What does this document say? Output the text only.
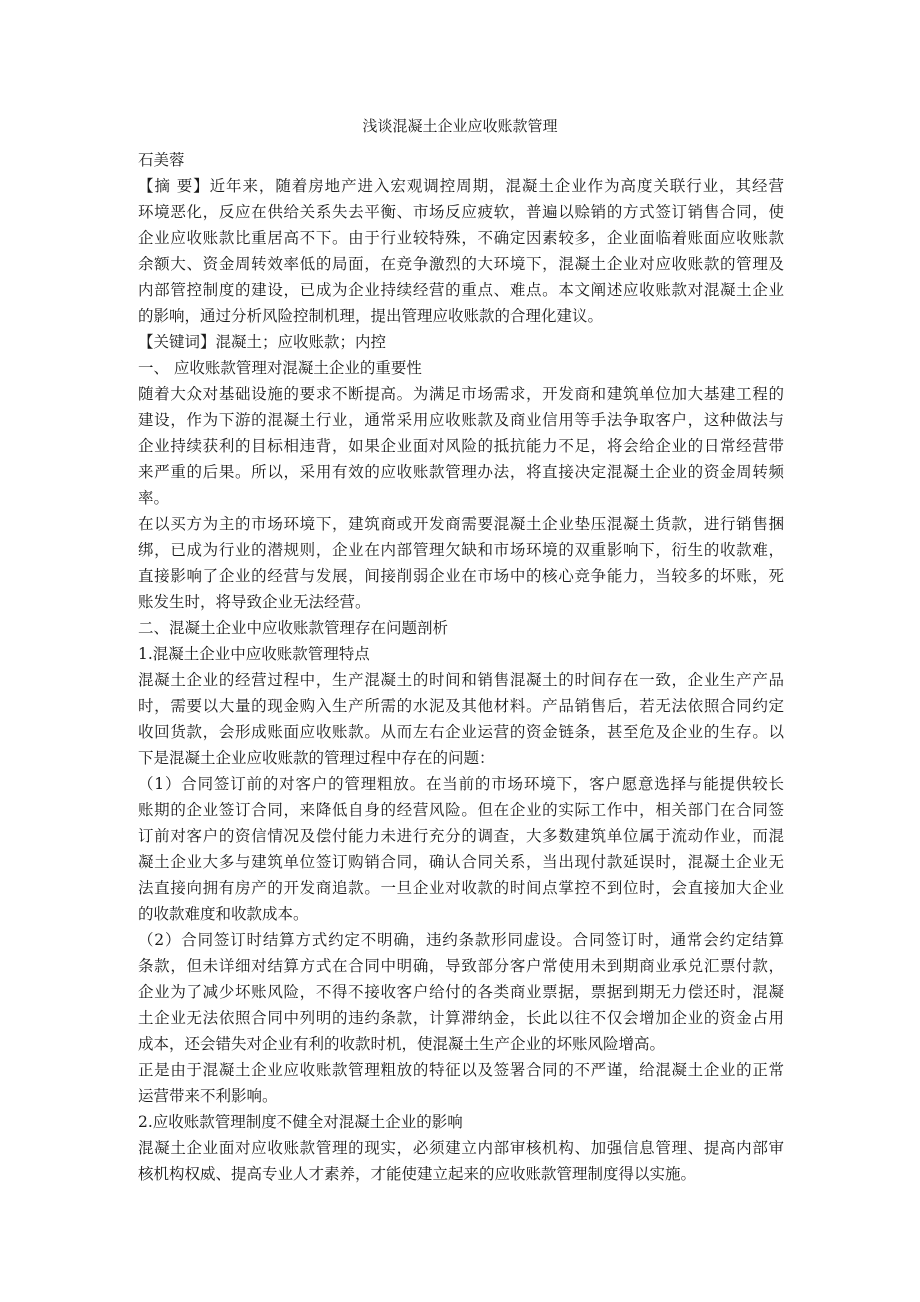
浅谈混凝土企业应收账款管理
石美蓉
【摘 要】近年来，随着房地产进入宏观调控周期，混凝土企业作为高度关联行业，其经营
环境恶化，反应在供给关系失去平衡、市场反应疲软，普遍以赊销的方式签订销售合同，使
企业应收账款比重居高不下。由于行业较特殊，不确定因素较多，企业面临着账面应收账款
余额大、资金周转效率低的局面，在竞争激烈的大环境下，混凝土企业对应收账款的管理及
内部管控制度的建设，已成为企业持续经营的重点、难点。本文阐述应收账款对混凝土企业
的影响，通过分析风险控制机理，提出管理应收账款的合理化建议。
【关键词】混凝土；应收账款；内控
一、 应收账款管理对混凝土企业的重要性
随着大众对基础设施的要求不断提高。为满足市场需求，开发商和建筑单位加大基建工程的
建设，作为下游的混凝土行业，通常采用应收账款及商业信用等手法争取客户，这种做法与
企业持续获利的目标相违背，如果企业面对风险的抵抗能力不足，将会给企业的日常经营带
来严重的后果。所以，采用有效的应收账款管理办法，将直接决定混凝土企业的资金周转频
率。
在以买方为主的市场环境下，建筑商或开发商需要混凝土企业垫压混凝土货款，进行销售捆
绑，已成为行业的潜规则，企业在内部管理欠缺和市场环境的双重影响下，衍生的收款难，
直接影响了企业的经营与发展，间接削弱企业在市场中的核心竞争能力，当较多的坏账，死
账发生时，将导致企业无法经营。
二、混凝土企业中应收账款管理存在问题剖析
1.混凝土企业中应收账款管理特点
混凝土企业的经营过程中，生产混凝土的时间和销售混凝土的时间存在一致，企业生产产品
时，需要以大量的现金购入生产所需的水泥及其他材料。产品销售后，若无法依照合同约定
收回货款，会形成账面应收账款。从而左右企业运营的资金链条，甚至危及企业的生存。以
下是混凝土企业应收账款的管理过程中存在的问题：
（1）合同签订前的对客户的管理粗放。在当前的市场环境下，客户愿意选择与能提供较长
账期的企业签订合同，来降低自身的经营风险。但在企业的实际工作中，相关部门在合同签
订前对客户的资信情况及偿付能力未进行充分的调查，大多数建筑单位属于流动作业，而混
凝土企业大多与建筑单位签订购销合同，确认合同关系，当出现付款延误时，混凝土企业无
法直接向拥有房产的开发商追款。一旦企业对收款的时间点掌控不到位时，会直接加大企业
的收款难度和收款成本。
（2）合同签订时结算方式约定不明确，违约条款形同虚设。合同签订时，通常会约定结算
条款，但未详细对结算方式在合同中明确，导致部分客户常使用未到期商业承兑汇票付款，
企业为了减少坏账风险，不得不接收客户给付的各类商业票据，票据到期无力偿还时，混凝
土企业无法依照合同中列明的违约条款，计算滞纳金，长此以往不仅会增加企业的资金占用
成本，还会错失对企业有利的收款时机，使混凝土生产企业的坏账风险增高。
正是由于混凝土企业应收账款管理粗放的特征以及签署合同的不严谨，给混凝土企业的正常
运营带来不利影响。
2.应收账款管理制度不健全对混凝土企业的影响
混凝土企业面对应收账款管理的现实，必须建立内部审核机构、加强信息管理、提高内部审
核机构权威、提高专业人才素养，才能使建立起来的应收账款管理制度得以实施。
